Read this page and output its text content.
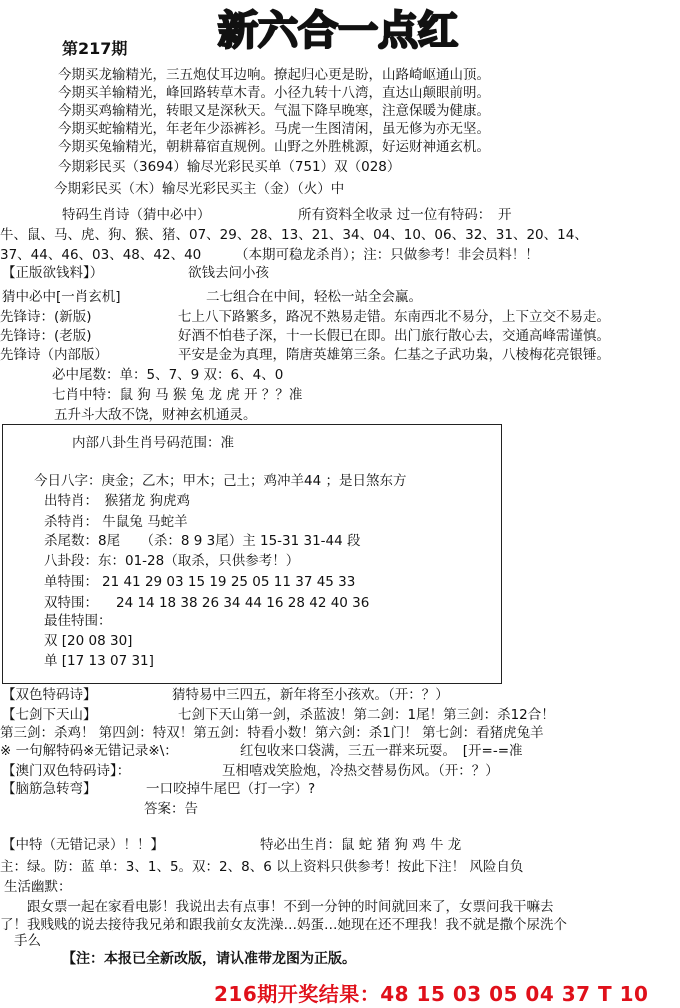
新六合一点红
第217期
今期买龙输精光，三五炮仗耳边响。撩起归心更是盼，山路崎岖通山顶。
今期买羊输精光，峰回路转草木青。小径九转十八湾，直达山颠眼前明。
今期买鸡输精光，转眼又是深秋天。气温下降早晚寒，注意保暖为健康。
今期买蛇输精光，年老年少添裤衫。马虎一生图清闲，虽无修为亦无坚。
今期买兔输精光，朝耕幕宿直规例。山野之外胜桃源，好运财神通玄机。
今期彩民买（3694）输尽光彩民买单（751）双（028）
今期彩民买（木）输尽光彩民买主（金）（火）中
特码生肖诗（猜中必中）	所有资料全收录 过一位有特码：　开
牛、鼠、马、虎、狗、猴、猪、07、29、28、13、21、34、04、10、06、32、31、20、14、
37、44、46、03、48、42、40　　　（本期可稳龙杀肖）；注：只做参考！非会员料！！
【正版欲钱料】）	欲钱去问小孩
猜中必中[一肖玄机]	二七组合在中间，轻松一站全会赢。
先锋诗：(新版)	七上八下路繁多，路况不熟易走错。东南西北不易分，上下立交不易走。
先锋诗：(老版)	好酒不怕巷子深，十一长假已在即。出门旅行散心去，交通高峰需谨慎。
先锋诗（内部版）	平安是金为真理，隋唐英雄第三条。仁基之子武功枭，八棱梅花亮银锤。
必中尾数：单：5、7、9 双：6、4、0
七肖中特：鼠 狗 马 猴 兔 龙 虎 开 ？？准
五升斗大敌不饶，财神玄机通灵。
内部八卦生肖号码范围：准
今日八字：庚金；乙木；甲木；己土；鸡冲羊44 ；是日煞东方
出特肖：　猴猪龙 狗虎鸡
杀特肖： 牛鼠兔 马蛇羊
杀尾数：8尾　　（杀：8 9 3尾）主 15-31 31-44 段
八卦段：东：01-28（取杀，只供参考！）
单特围： 21 41 29 03 15 19 25 05 11 37 45 33
双特围：	24 14 18 38 26 34 44 16 28 42 40 36
最佳特围：
双 [20 08 30]
单 [17 13 07 31]
【双色特码诗】	猜特易中三四五，新年将至小孩欢。（开：？）
【七剑下天山】	七剑下天山第一剑，杀蓝波！第二剑：1尾！第三剑：杀12合！
第三剑：杀鸡！ 第四剑：特双！第五剑：特看小数！第六剑：杀1门！ 第七剑：看猪虎兔羊
※ 一句解特码※无错记录※\：	红包收来口袋满，三五一群来玩耍。　[开=-=准
【澳门双色特码诗】：	互相嘻戏笑脸炮，冷热交替易伤风。（开：？）
【脑筋急转弯】	一口咬掉牛尾巴（打一字）?
答案：告
【中特（无错记录）！！】	特必出生肖：鼠 蛇 猪 狗 鸡 牛 龙
主：绿。防：蓝 单：3、1、5。双：2、8、6 以上资料只供参考！按此下注！ 风险自负
生活幽默：
　　跟女票一起在家看电影！我说出去有点事！不到一分钟的时间就回来了，女票问我干嘛去
了！我贱贱的说去接待我兄弟和跟我前女友洗澡…妈蛋…她现在还不理我！我不就是撒个尿洗个
手么
【注：本报已全新改版，请认准带龙图为正版。
216期开奖结果：48 15 03 05 04 37 T 10
